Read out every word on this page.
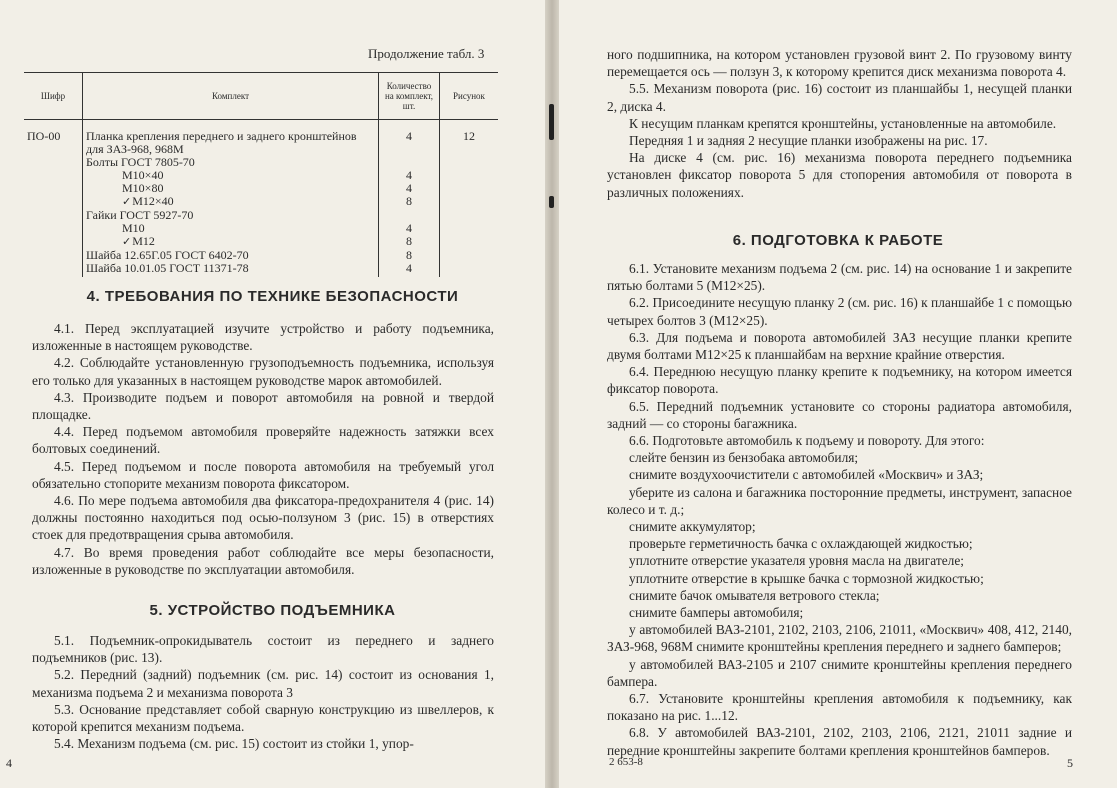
Продолжение табл. 3
Шифр	Комплект	Количество на комплект, шт.	Рисунок

ПО-00	Планка крепления переднего и заднего кронштейнов для ЗАЗ-968, 968М	4	12
	Болты ГОСТ 7805-70		
	М10×40	4	
	М10×80	4	
	✓М12×40	8	
	Гайки ГОСТ 5927-70		
	М10	4	
	✓М12	8	
	Шайба 12.65Г.05 ГОСТ 6402-70	8	
	Шайба 10.01.05 ГОСТ 11371-78	4	
4. ТРЕБОВАНИЯ ПО ТЕХНИКЕ БЕЗОПАСНОСТИ

4.1. Перед эксплуатацией изучите устройство и работу подъемника, изложенные в настоящем руководстве.

4.2. Соблюдайте установленную грузоподъемность подъемника, используя его только для указанных в настоящем руководстве марок автомобилей.

4.3. Производите подъем и поворот автомобиля на ровной и твердой площадке.

4.4. Перед подъемом автомобиля проверяйте надежность затяжки всех болтовых соединений.

4.5. Перед подъемом и после поворота автомобиля на требуемый угол обязательно стопорите механизм поворота фиксатором.

4.6. По мере подъема автомобиля два фиксатора-предохранителя 4 (рис. 14) должны постоянно находиться под осью-ползуном 3 (рис. 15) в отверстиях стоек для предотвращения срыва автомобиля.

4.7. Во время проведения работ соблюдайте все меры безопасности, изложенные в руководстве по эксплуатации автомобиля.

5. УСТРОЙСТВО ПОДЪЕМНИКА

5.1. Подъемник-опрокидыватель состоит из переднего и заднего подъемников (рис. 13).

5.2. Передний (задний) подъемник (см. рис. 14) состоит из основания 1, механизма подъема 2 и механизма поворота 3

5.3. Основание представляет собой сварную конструкцию из швеллеров, к которой крепится механизм подъема.

5.4. Механизм подъема (см. рис. 15) состоит из стойки 1, упор-

4

ного подшипника, на котором установлен грузовой винт 2. По грузовому винту перемещается ось — ползун 3, к которому крепится диск механизма поворота 4.

5.5. Механизм поворота (рис. 16) состоит из планшайбы 1, несущей планки 2, диска 4.

К несущим планкам крепятся кронштейны, установленные на автомобиле.

Передняя 1 и задняя 2 несущие планки изображены на рис. 17.

На диске 4 (см. рис. 16) механизма поворота переднего подъемника установлен фиксатор поворота 5 для стопорения автомобиля от поворота в различных положениях.

6. ПОДГОТОВКА К РАБОТЕ

6.1. Установите механизм подъема 2 (см. рис. 14) на основание 1 и закрепите пятью болтами 5 (М12×25).

6.2. Присоедините несущую планку 2 (см. рис. 16) к планшайбе 1 с помощью четырех болтов 3 (М12×25).

6.3. Для подъема и поворота автомобилей ЗАЗ несущие планки крепите двумя болтами М12×25 к планшайбам на верхние крайние отверстия.

6.4. Переднюю несущую планку крепите к подъемнику, на котором имеется фиксатор поворота.

6.5. Передний подъемник установите со стороны радиатора автомобиля, задний — со стороны багажника.

6.6. Подготовьте автомобиль к подъему и повороту. Для этого:

слейте бензин из бензобака автомобиля;

снимите воздухоочистители с автомобилей «Москвич» и ЗАЗ;

уберите из салона и багажника посторонние предметы, инструмент, запасное колесо и т. д.;

снимите аккумулятор;

проверьте герметичность бачка с охлаждающей жидкостью;

уплотните отверстие указателя уровня масла на двигателе;

уплотните отверстие в крышке бачка с тормозной жидкостью;

снимите бачок омывателя ветрового стекла;

снимите бамперы автомобиля;

у автомобилей ВАЗ-2101, 2102, 2103, 2106, 21011, «Москвич» 408, 412, 2140, ЗАЗ-968, 968М снимите кронштейны крепления переднего и заднего бамперов;

у автомобилей ВАЗ-2105 и 2107 снимите кронштейны крепления переднего бампера.

6.7. Установите кронштейны крепления автомобиля к подъемнику, как показано на рис. 1...12.

6.8. У автомобилей ВАЗ-2101, 2102, 2103, 2106, 2121, 21011 задние и передние кронштейны закрепите болтами крепления кронштейнов бамперов.

2 653-8	5
